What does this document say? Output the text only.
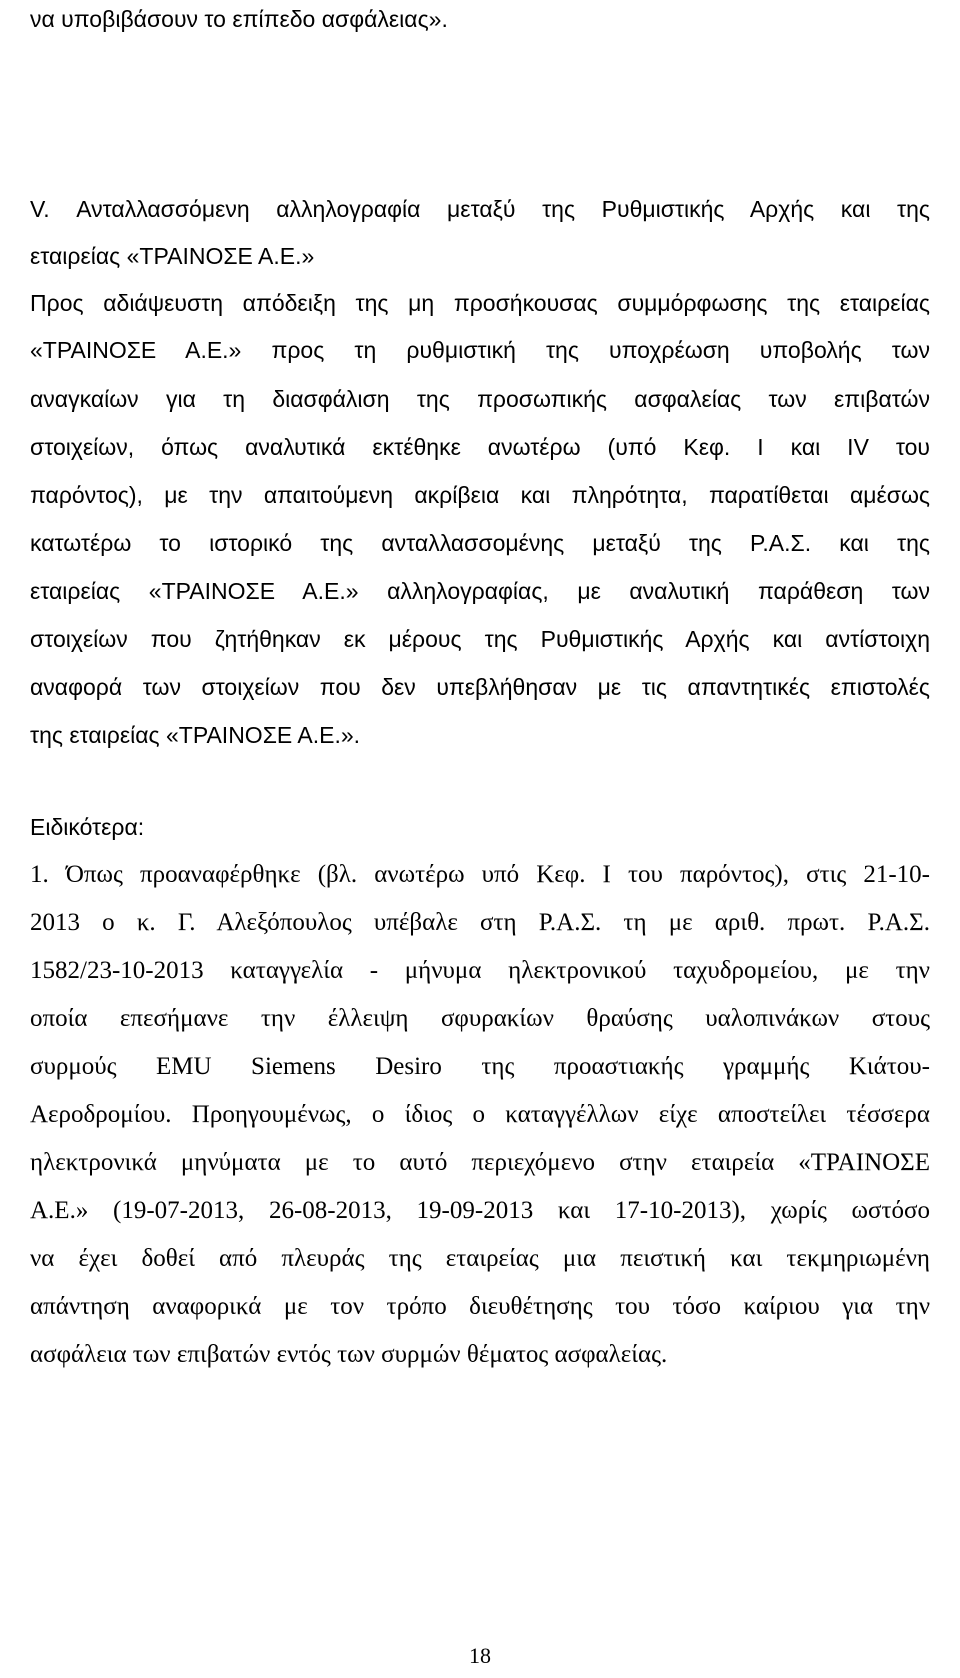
να υποβιβάσουν το επίπεδο ασφάλειας».
V. Ανταλλασσόμενη αλληλογραφία μεταξύ της Ρυθμιστικής Αρχής και της
εταιρείας «ΤΡΑΙΝΟΣΕ Α.Ε.»
Προς αδιάψευστη απόδειξη της μη προσήκουσας συμμόρφωσης της εταιρείας
«ΤΡΑΙΝΟΣΕ Α.Ε.» προς τη ρυθμιστική της υποχρέωση υποβολής των
αναγκαίων για τη διασφάλιση της προσωπικής ασφαλείας των επιβατών
στοιχείων, όπως αναλυτικά εκτέθηκε ανωτέρω (υπό Κεφ. Ι και IV του
παρόντος), με την απαιτούμενη ακρίβεια και πληρότητα, παρατίθεται αμέσως
κατωτέρω το ιστορικό της ανταλλασσομένης μεταξύ της Ρ.Α.Σ. και της
εταιρείας «ΤΡΑΙΝΟΣΕ Α.Ε.» αλληλογραφίας, με αναλυτική παράθεση των
στοιχείων που ζητήθηκαν εκ μέρους της Ρυθμιστικής Αρχής και αντίστοιχη
αναφορά των στοιχείων που δεν υπεβλήθησαν με τις απαντητικές επιστολές
της εταιρείας «ΤΡΑΙΝΟΣΕ Α.Ε.».
Ειδικότερα:
1. Όπως προαναφέρθηκε (βλ. ανωτέρω υπό Κεφ. Ι του παρόντος), στις 21-10-
2013 ο κ. Γ. Αλεξόπουλος υπέβαλε στη Ρ.Α.Σ. τη με αριθ. πρωτ. Ρ.Α.Σ.
1582/23-10-2013 καταγγελία - μήνυμα ηλεκτρονικού ταχυδρομείου, με την
οποία επεσήμανε την έλλειψη σφυρακίων θραύσης υαλοπινάκων στους
συρμούς EMU Siemens Desiro της προαστιακής γραμμής Κιάτου-
Αεροδρομίου. Προηγουμένως, ο ίδιος ο καταγγέλλων είχε αποστείλει τέσσερα
ηλεκτρονικά μηνύματα με το αυτό περιεχόμενο στην εταιρεία «ΤΡΑΙΝΟΣΕ
Α.Ε.» (19-07-2013, 26-08-2013, 19-09-2013 και 17-10-2013), χωρίς ωστόσο
να έχει δοθεί από πλευράς της εταιρείας μια πειστική και τεκμηριωμένη
απάντηση αναφορικά με τον τρόπο διευθέτησης του τόσο καίριου για την
ασφάλεια των επιβατών εντός των συρμών θέματος ασφαλείας.
18
